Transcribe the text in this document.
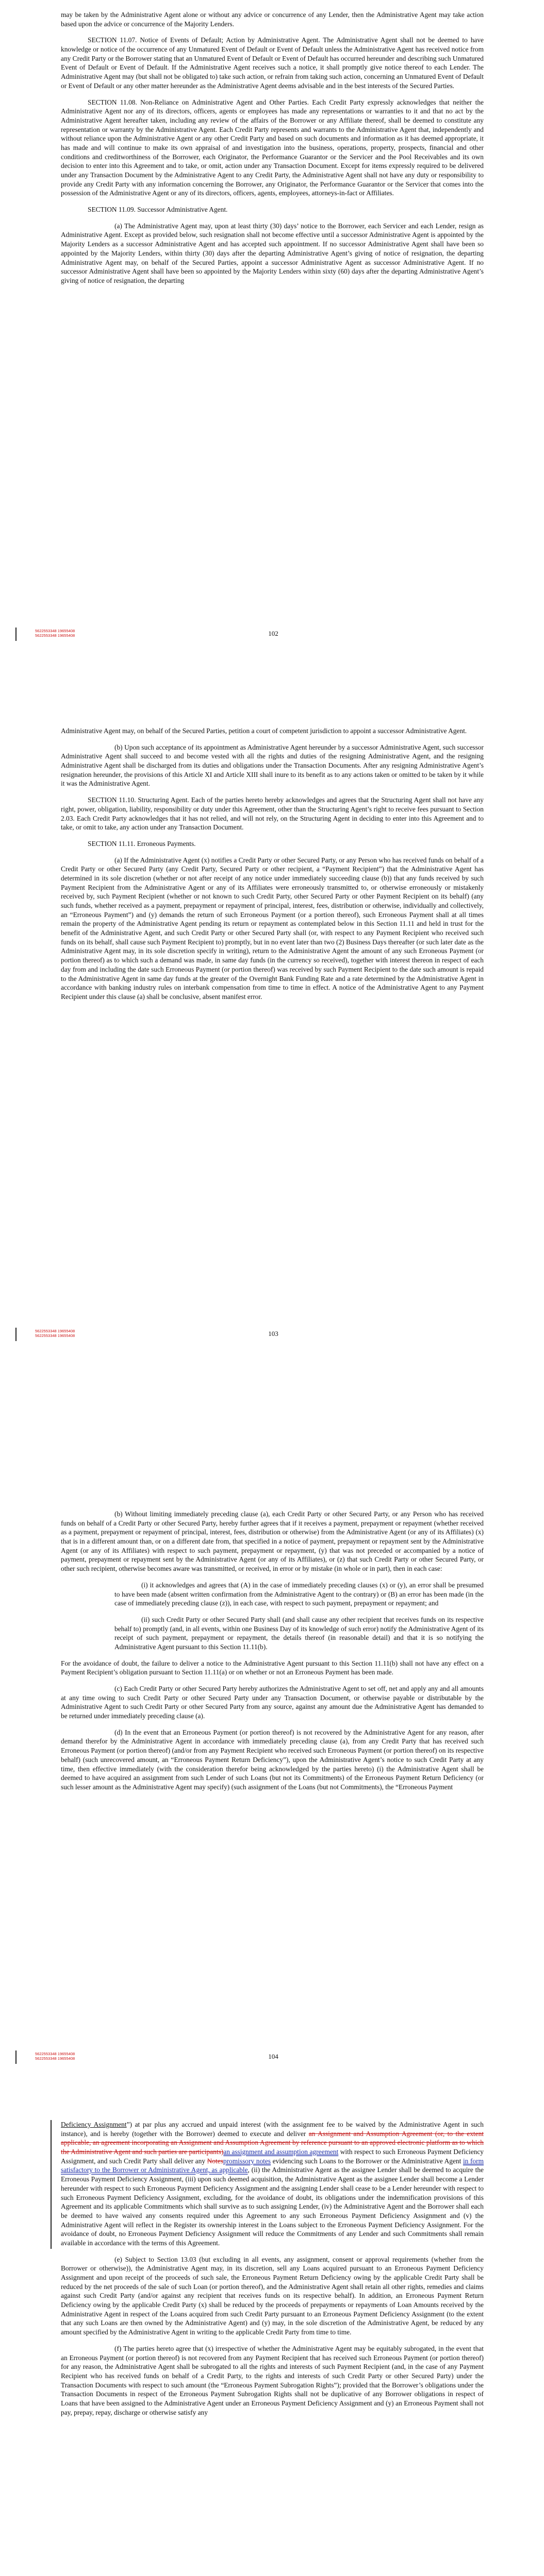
may be taken by the Administrative Agent alone or without any advice or concurrence of any Lender, then the Administrative Agent may take action based upon the advice or concurrence of the Majority Lenders.

SECTION 11.07. Notice of Events of Default; Action by Administrative Agent. The Administrative Agent shall not be deemed to have knowledge or notice of the occurrence of any Unmatured Event of Default or Event of Default unless the Administrative Agent has received notice from any Credit Party or the Borrower stating that an Unmatured Event of Default or Event of Default has occurred hereunder and describing such Unmatured Event of Default or Event of Default. If the Administrative Agent receives such a notice, it shall promptly give notice thereof to each Lender. The Administrative Agent may (but shall not be obligated to) take such action, or refrain from taking such action, concerning an Unmatured Event of Default or Event of Default or any other matter hereunder as the Administrative Agent deems advisable and in the best interests of the Secured Parties.

SECTION 11.08. Non-Reliance on Administrative Agent and Other Parties. Each Credit Party expressly acknowledges that neither the Administrative Agent nor any of its directors, officers, agents or employees has made any representations or warranties to it and that no act by the Administrative Agent hereafter taken, including any review of the affairs of the Borrower or any Affiliate thereof, shall be deemed to constitute any representation or warranty by the Administrative Agent. Each Credit Party represents and warrants to the Administrative Agent that, independently and without reliance upon the Administrative Agent or any other Credit Party and based on such documents and information as it has deemed appropriate, it has made and will continue to make its own appraisal of and investigation into the business, operations, property, prospects, financial and other conditions and creditworthiness of the Borrower, each Originator, the Performance Guarantor or the Servicer and the Pool Receivables and its own decision to enter into this Agreement and to take, or omit, action under any Transaction Document. Except for items expressly required to be delivered under any Transaction Document by the Administrative Agent to any Credit Party, the Administrative Agent shall not have any duty or responsibility to provide any Credit Party with any information concerning the Borrower, any Originator, the Performance Guarantor or the Servicer that comes into the possession of the Administrative Agent or any of its directors, officers, agents, employees, attorneys-in-fact or Affiliates.

SECTION 11.09. Successor Administrative Agent.

(a) The Administrative Agent may, upon at least thirty (30) days’ notice to the Borrower, each Servicer and each Lender, resign as Administrative Agent. Except as provided below, such resignation shall not become effective until a successor Administrative Agent is appointed by the Majority Lenders as a successor Administrative Agent and has accepted such appointment. If no successor Administrative Agent shall have been so appointed by the Majority Lenders, within thirty (30) days after the departing Administrative Agent’s giving of notice of resignation, the departing Administrative Agent may, on behalf of the Secured Parties, appoint a successor Administrative Agent as successor Administrative Agent. If no successor Administrative Agent shall have been so appointed by the Majority Lenders within sixty (60) days after the departing Administrative Agent’s giving of notice of resignation, the departing

5622553348 19655408
5622553348 19655408	102

Administrative Agent may, on behalf of the Secured Parties, petition a court of competent jurisdiction to appoint a successor Administrative Agent.

(b) Upon such acceptance of its appointment as Administrative Agent hereunder by a successor Administrative Agent, such successor Administrative Agent shall succeed to and become vested with all the rights and duties of the resigning Administrative Agent, and the resigning Administrative Agent shall be discharged from its duties and obligations under the Transaction Documents. After any resigning Administrative Agent’s resignation hereunder, the provisions of this Article XI and Article XIII shall inure to its benefit as to any actions taken or omitted to be taken by it while it was the Administrative Agent.

SECTION 11.10. Structuring Agent. Each of the parties hereto hereby acknowledges and agrees that the Structuring Agent shall not have any right, power, obligation, liability, responsibility or duty under this Agreement, other than the Structuring Agent’s right to receive fees pursuant to Section 2.03. Each Credit Party acknowledges that it has not relied, and will not rely, on the Structuring Agent in deciding to enter into this Agreement and to take, or omit to take, any action under any Transaction Document.

SECTION 11.11. Erroneous Payments.

(a) If the Administrative Agent (x) notifies a Credit Party or other Secured Party, or any Person who has received funds on behalf of a Credit Party or other Secured Party (any Credit Party, Secured Party or other recipient, a “Payment Recipient”) that the Administrative Agent has determined in its sole discretion (whether or not after receipt of any notice under immediately succeeding clause (b)) that any funds received by such Payment Recipient from the Administrative Agent or any of its Affiliates were erroneously transmitted to, or otherwise erroneously or mistakenly received by, such Payment Recipient (whether or not known to such Credit Party, other Secured Party or other Payment Recipient on its behalf) (any such funds, whether received as a payment, prepayment or repayment of principal, interest, fees, distribution or otherwise, individually and collectively, an “Erroneous Payment”) and (y) demands the return of such Erroneous Payment (or a portion thereof), such Erroneous Payment shall at all times remain the property of the Administrative Agent pending its return or repayment as contemplated below in this Section 11.11 and held in trust for the benefit of the Administrative Agent, and such Credit Party or other Secured Party shall (or, with respect to any Payment Recipient who received such funds on its behalf, shall cause such Payment Recipient to) promptly, but in no event later than two (2) Business Days thereafter (or such later date as the Administrative Agent may, in its sole discretion specify in writing), return to the Administrative Agent the amount of any such Erroneous Payment (or portion thereof) as to which such a demand was made, in same day funds (in the currency so received), together with interest thereon in respect of each day from and including the date such Erroneous Payment (or portion thereof) was received by such Payment Recipient to the date such amount is repaid to the Administrative Agent in same day funds at the greater of the Overnight Bank Funding Rate and a rate determined by the Administrative Agent in accordance with banking industry rules on interbank compensation from time to time in effect. A notice of the Administrative Agent to any Payment Recipient under this clause (a) shall be conclusive, absent manifest error.

5622553348 19655408
5622553348 19655408	103

(b) Without limiting immediately preceding clause (a), each Credit Party or other Secured Party, or any Person who has received funds on behalf of a Credit Party or other Secured Party, hereby further agrees that if it receives a payment, prepayment or repayment (whether received as a payment, prepayment or repayment of principal, interest, fees, distribution or otherwise) from the Administrative Agent (or any of its Affiliates) (x) that is in a different amount than, or on a different date from, that specified in a notice of payment, prepayment or repayment sent by the Administrative Agent (or any of its Affiliates) with respect to such payment, prepayment or repayment, (y) that was not preceded or accompanied by a notice of payment, prepayment or repayment sent by the Administrative Agent (or any of its Affiliates), or (z) that such Credit Party or other Secured Party, or other such recipient, otherwise becomes aware was transmitted, or received, in error or by mistake (in whole or in part), then in each case:

(i) it acknowledges and agrees that (A) in the case of immediately preceding clauses (x) or (y), an error shall be presumed to have been made (absent written confirmation from the Administrative Agent to the contrary) or (B) an error has been made (in the case of immediately preceding clause (z)), in each case, with respect to such payment, prepayment or repayment; and

(ii) such Credit Party or other Secured Party shall (and shall cause any other recipient that receives funds on its respective behalf to) promptly (and, in all events, within one Business Day of its knowledge of such error) notify the Administrative Agent of its receipt of such payment, prepayment or repayment, the details thereof (in reasonable detail) and that it is so notifying the Administrative Agent pursuant to this Section 11.11(b).

For the avoidance of doubt, the failure to deliver a notice to the Administrative Agent pursuant to this Section 11.11(b) shall not have any effect on a Payment Recipient’s obligation pursuant to Section 11.11(a) or on whether or not an Erroneous Payment has been made.

(c) Each Credit Party or other Secured Party hereby authorizes the Administrative Agent to set off, net and apply any and all amounts at any time owing to such Credit Party or other Secured Party under any Transaction Document, or otherwise payable or distributable by the Administrative Agent to such Credit Party or other Secured Party from any source, against any amount due the Administrative Agent has demanded to be returned under immediately preceding clause (a).

(d) In the event that an Erroneous Payment (or portion thereof) is not recovered by the Administrative Agent for any reason, after demand therefor by the Administrative Agent in accordance with immediately preceding clause (a), from any Credit Party that has received such Erroneous Payment (or portion thereof) (and/or from any Payment Recipient who received such Erroneous Payment (or portion thereof) on its respective behalf) (such unrecovered amount, an “Erroneous Payment Return Deficiency”), upon the Administrative Agent’s notice to such Credit Party at any time, then effective immediately (with the consideration therefor being acknowledged by the parties hereto) (i) the Administrative Agent shall be deemed to have acquired an assignment from such Lender of such Loans (but not its Commitments) of the Erroneous Payment Return Deficiency (or such lesser amount as the Administrative Agent may specify) (such assignment of the Loans (but not Commitments), the “Erroneous Payment

5622553348 19655408
5622553348 19655408	104

Deficiency Assignment”) at par plus any accrued and unpaid interest (with the assignment fee to be waived by the Administrative Agent in such instance), and is hereby (together with the Borrower) deemed to execute and deliver an Assignment and Assumption Agreement (or, to the extent applicable, an agreement incorporating an Assignment and Assumption Agreement by reference pursuant to an approved electronic platform as to which the Administrative Agent and such parties are participants)an assignment and assumption agreement with respect to such Erroneous Payment Deficiency Assignment, and such Credit Party shall deliver any Notespromissory notes evidencing such Loans to the Borrower or the Administrative Agent in form satisfactory to the Borrower or Administrative Agent, as applicable, (ii) the Administrative Agent as the assignee Lender shall be deemed to acquire the Erroneous Payment Deficiency Assignment, (iii) upon such deemed acquisition, the Administrative Agent as the assignee Lender shall become a Lender hereunder with respect to such Erroneous Payment Deficiency Assignment and the assigning Lender shall cease to be a Lender hereunder with respect to such Erroneous Payment Deficiency Assignment, excluding, for the avoidance of doubt, its obligations under the indemnification provisions of this Agreement and its applicable Commitments which shall survive as to such assigning Lender, (iv) the Administrative Agent and the Borrower shall each be deemed to have waived any consents required under this Agreement to any such Erroneous Payment Deficiency Assignment and (v) the Administrative Agent will reflect in the Register its ownership interest in the Loans subject to the Erroneous Payment Deficiency Assignment. For the avoidance of doubt, no Erroneous Payment Deficiency Assignment will reduce the Commitments of any Lender and such Commitments shall remain available in accordance with the terms of this Agreement.

(e) Subject to Section 13.03 (but excluding in all events, any assignment, consent or approval requirements (whether from the Borrower or otherwise)), the Administrative Agent may, in its discretion, sell any Loans acquired pursuant to an Erroneous Payment Deficiency Assignment and upon receipt of the proceeds of such sale, the Erroneous Payment Return Deficiency owing by the applicable Credit Party shall be reduced by the net proceeds of the sale of such Loan (or portion thereof), and the Administrative Agent shall retain all other rights, remedies and claims against such Credit Party (and/or against any recipient that receives funds on its respective behalf). In addition, an Erroneous Payment Return Deficiency owing by the applicable Credit Party (x) shall be reduced by the proceeds of prepayments or repayments of Loan Amounts received by the Administrative Agent in respect of the Loans acquired from such Credit Party pursuant to an Erroneous Payment Deficiency Assignment (to the extent that any such Loans are then owned by the Administrative Agent) and (y) may, in the sole discretion of the Administrative Agent, be reduced by any amount specified by the Administrative Agent in writing to the applicable Credit Party from time to time.

(f) The parties hereto agree that (x) irrespective of whether the Administrative Agent may be equitably subrogated, in the event that an Erroneous Payment (or portion thereof) is not recovered from any Payment Recipient that has received such Erroneous Payment (or portion thereof) for any reason, the Administrative Agent shall be subrogated to all the rights and interests of such Payment Recipient (and, in the case of any Payment Recipient who has received funds on behalf of a Credit Party, to the rights and interests of such Credit Party or other Secured Party) under the Transaction Documents with respect to such amount (the “Erroneous Payment Subrogation Rights”); provided that the Borrower’s obligations under the Transaction Documents in respect of the Erroneous Payment Subrogation Rights shall not be duplicative of any Borrower obligations in respect of Loans that have been assigned to the Administrative Agent under an Erroneous Payment Deficiency Assignment and (y) an Erroneous Payment shall not pay, prepay, repay, discharge or otherwise satisfy any
